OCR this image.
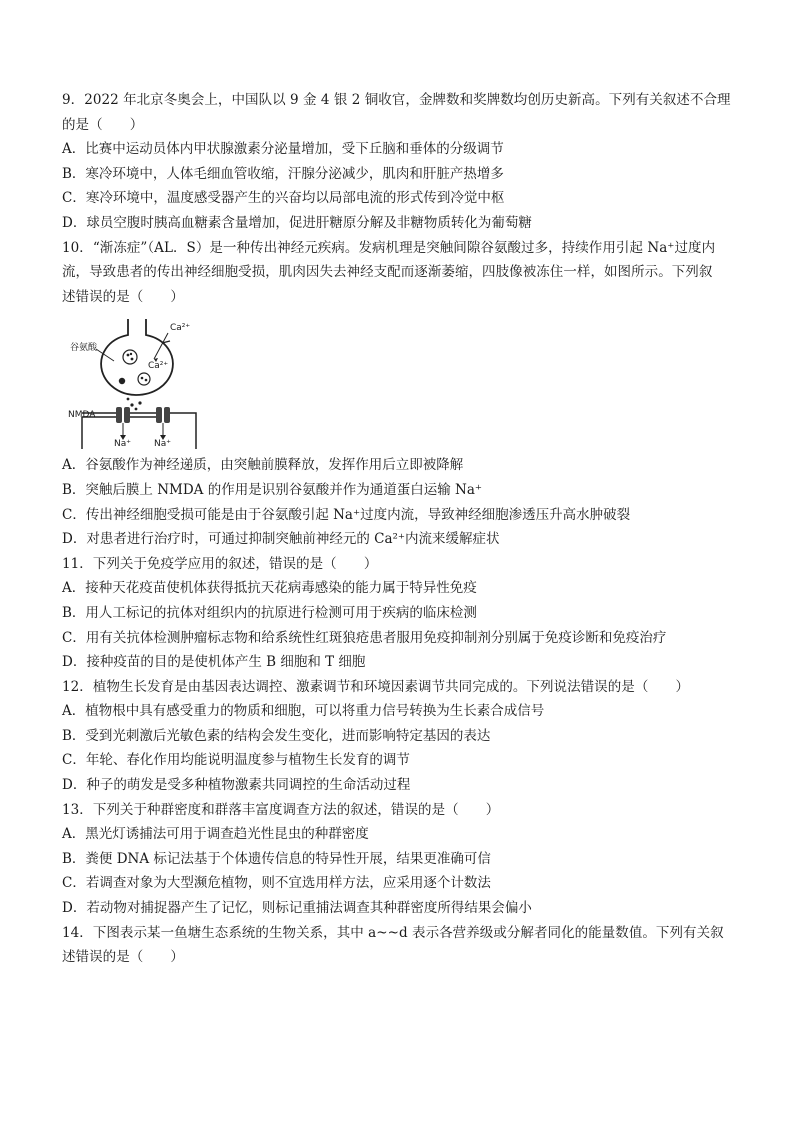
9．2022 年北京冬奥会上，中国队以 9 金 4 银 2 铜收官，金牌数和奖牌数均创历史新高。下列有关叙述不合理
的是（　　）
A．比赛中运动员体内甲状腺激素分泌量增加，受下丘脑和垂体的分级调节
B．寒冷环境中，人体毛细血管收缩，汗腺分泌减少，肌肉和肝脏产热增多
C．寒冷环境中，温度感受器产生的兴奋均以局部电流的形式传到冷觉中枢
D．球员空腹时胰高血糖素含量增加，促进肝糖原分解及非糖物质转化为葡萄糖
10．“渐冻症”（AL．S）是一种传出神经元疾病。发病机理是突触间隙谷氨酸过多，持续作用引起 Na⁺过度内
流，导致患者的传出神经细胞受损，肌肉因失去神经支配而逐渐萎缩，四肢像被冻住一样，如图所示。下列叙
述错误的是（　　）
谷氨酸
Ca²⁺
Ca²⁺
NMDA
Na⁺	Na⁺
A．谷氨酸作为神经递质，由突触前膜释放，发挥作用后立即被降解
B．突触后膜上 NMDA 的作用是识别谷氨酸并作为通道蛋白运输 Na⁺
C．传出神经细胞受损可能是由于谷氨酸引起 Na⁺过度内流，导致神经细胞渗透压升高水肿破裂
D．对患者进行治疗时，可通过抑制突触前神经元的 Ca²⁺内流来缓解症状
11．下列关于免疫学应用的叙述，错误的是（　　）
A．接种天花疫苗使机体获得抵抗天花病毒感染的能力属于特异性免疫
B．用人工标记的抗体对组织内的抗原进行检测可用于疾病的临床检测
C．用有关抗体检测肿瘤标志物和给系统性红斑狼疮患者服用免疫抑制剂分别属于免疫诊断和免疫治疗
D．接种疫苗的目的是使机体产生 B 细胞和 T 细胞
12．植物生长发育是由基因表达调控、激素调节和环境因素调节共同完成的。下列说法错误的是（　　）
A．植物根中具有感受重力的物质和细胞，可以将重力信号转换为生长素合成信号
B．受到光刺激后光敏色素的结构会发生变化，进而影响特定基因的表达
C．年轮、春化作用均能说明温度参与植物生长发育的调节
D．种子的萌发是受多种植物激素共同调控的生命活动过程
13．下列关于种群密度和群落丰富度调查方法的叙述，错误的是（　　）
A．黑光灯诱捕法可用于调查趋光性昆虫的种群密度
B．粪便 DNA 标记法基于个体遗传信息的特异性开展，结果更准确可信
C．若调查对象为大型濒危植物，则不宜选用样方法，应采用逐个计数法
D．若动物对捕捉器产生了记忆，则标记重捕法调查其种群密度所得结果会偏小
14．下图表示某一鱼塘生态系统的生物关系，其中 a~~d 表示各营养级或分解者同化的能量数值。下列有关叙
述错误的是（　　）
